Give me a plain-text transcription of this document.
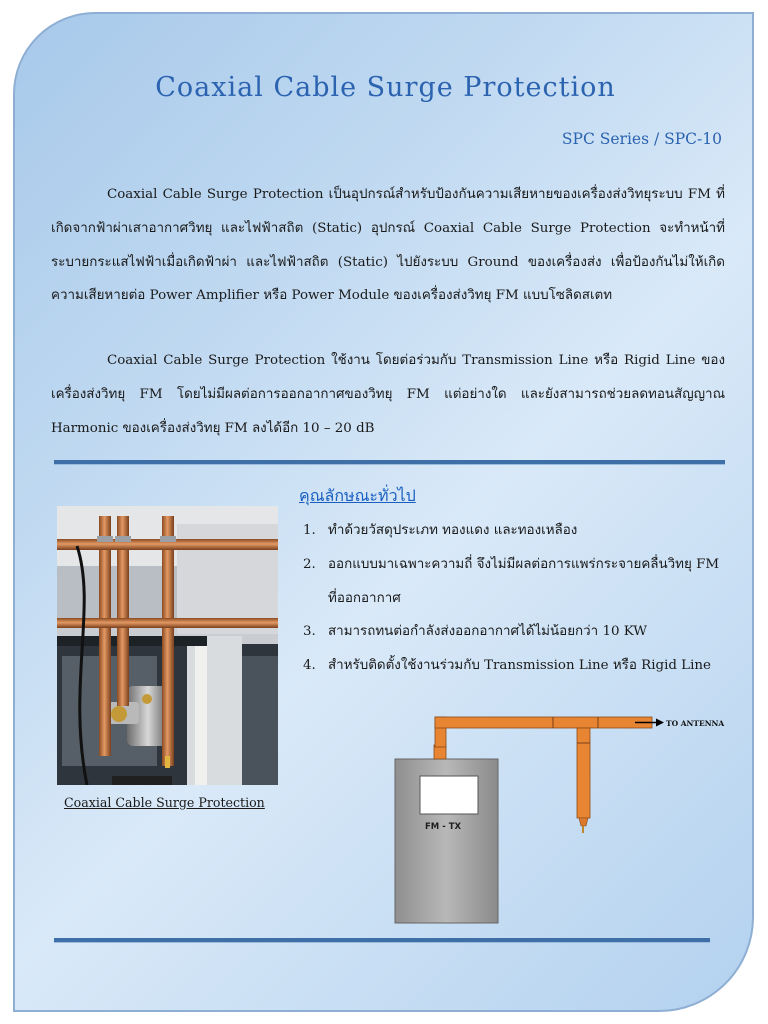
Coaxial Cable Surge Protection
SPC Series / SPC-10

Coaxial Cable Surge Protection เป็นอุปกรณ์สำหรับป้องกันความเสียหายของเครื่องส่งวิทยุระบบ FM ที่เกิดจากฟ้าผ่าเสาอากาศวิทยุ และไฟฟ้าสถิต (Static) อุปกรณ์ Coaxial Cable Surge Protection จะทำหน้าที่ระบายกระแสไฟฟ้าเมื่อเกิดฟ้าผ่า และไฟฟ้าสถิต (Static) ไปยังระบบ Ground ของเครื่องส่ง เพื่อป้องกันไม่ให้เกิดความเสียหายต่อ Power Amplifier หรือ Power Module ของเครื่องส่งวิทยุ FM แบบโซลิดสเตท

Coaxial Cable Surge Protection ใช้งาน โดยต่อร่วมกับ Transmission Line หรือ Rigid Line ของเครื่องส่งวิทยุ FM โดยไม่มีผลต่อการออกอากาศของวิทยุ FM แต่อย่างใด และยังสามารถช่วยลดทอนสัญญาณ Harmonic ของเครื่องส่งวิทยุ FM ลงได้อีก 10 – 20 dB

Coaxial Cable Surge Protection
คุณลักษณะทั่วไป
1. ทำด้วยวัสดุประเภท ทองแดง และทองเหลือง
2. ออกแบบมาเฉพาะความถี่ จึงไม่มีผลต่อการแพร่กระจายคลื่นวิทยุ FM ที่ออกอากาศ
3. สามารถทนต่อกำลังส่งออกอากาศได้ไม่น้อยกว่า 10 KW
4. สำหรับติดตั้งใช้งานร่วมกับ Transmission Line หรือ Rigid Line
FM - TX
TO ANTENNA
